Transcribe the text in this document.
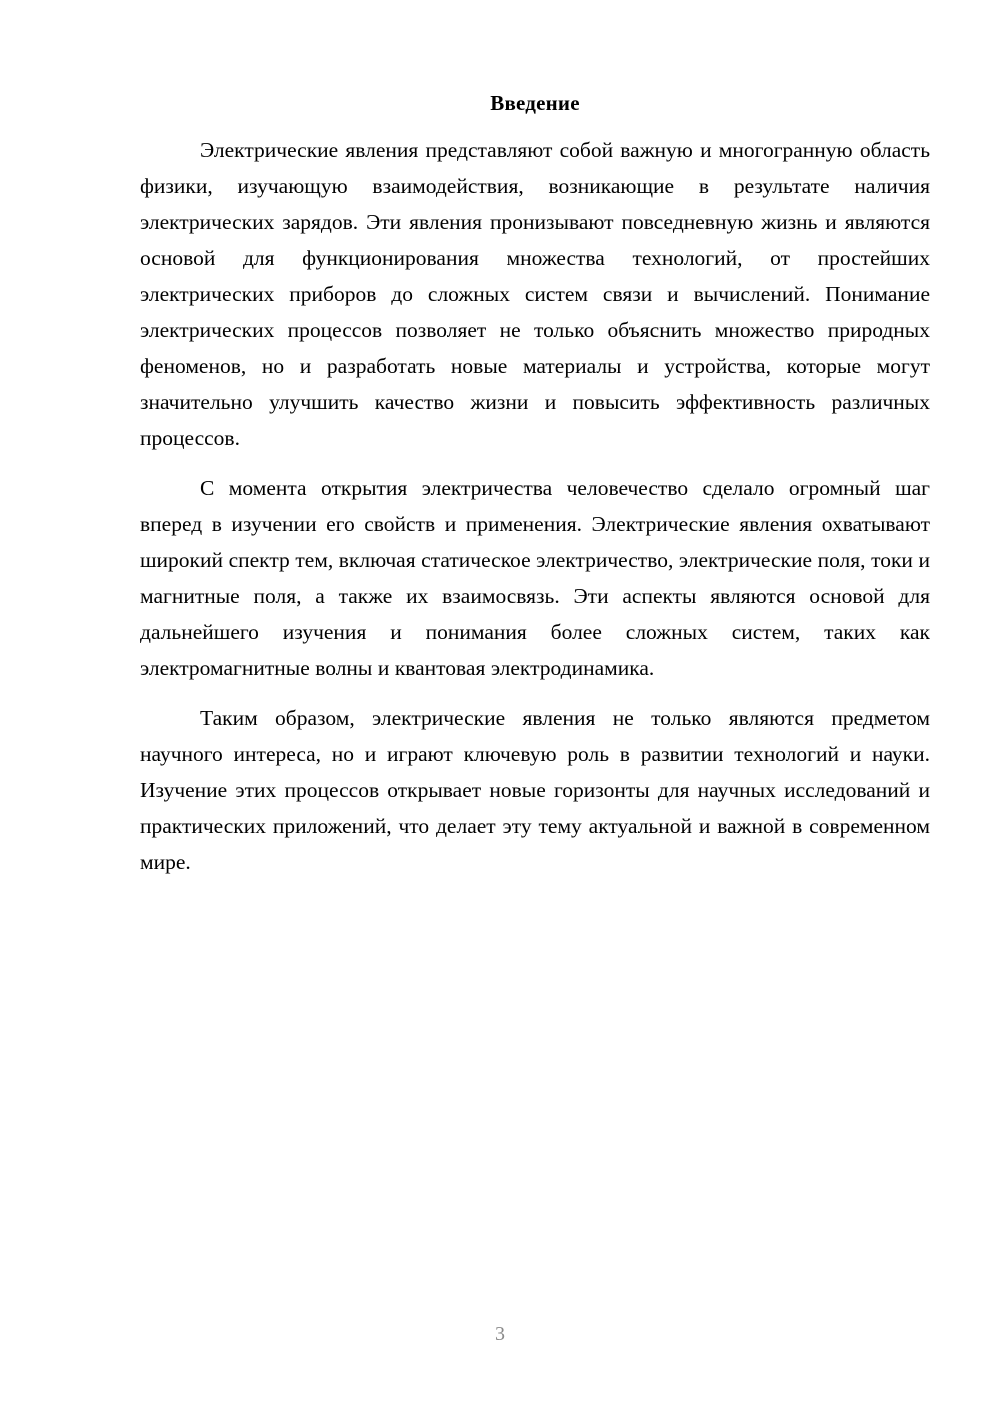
Введение

Электрические явления представляют собой важную и многогранную область физики, изучающую взаимодействия, возникающие в результате наличия электрических зарядов. Эти явления пронизывают повседневную жизнь и являются основой для функционирования множества технологий, от простейших электрических приборов до сложных систем связи и вычислений. Понимание электрических процессов позволяет не только объяснить множество природных феноменов, но и разработать новые материалы и устройства, которые могут значительно улучшить качество жизни и повысить эффективность различных процессов.

С момента открытия электричества человечество сделало огромный шаг вперед в изучении его свойств и применения. Электрические явления охватывают широкий спектр тем, включая статическое электричество, электрические поля, токи и магнитные поля, а также их взаимосвязь. Эти аспекты являются основой для дальнейшего изучения и понимания более сложных систем, таких как электромагнитные волны и квантовая электродинамика.

Таким образом, электрические явления не только являются предметом научного интереса, но и играют ключевую роль в развитии технологий и науки. Изучение этих процессов открывает новые горизонты для научных исследований и практических приложений, что делает эту тему актуальной и важной в современном мире.

3
